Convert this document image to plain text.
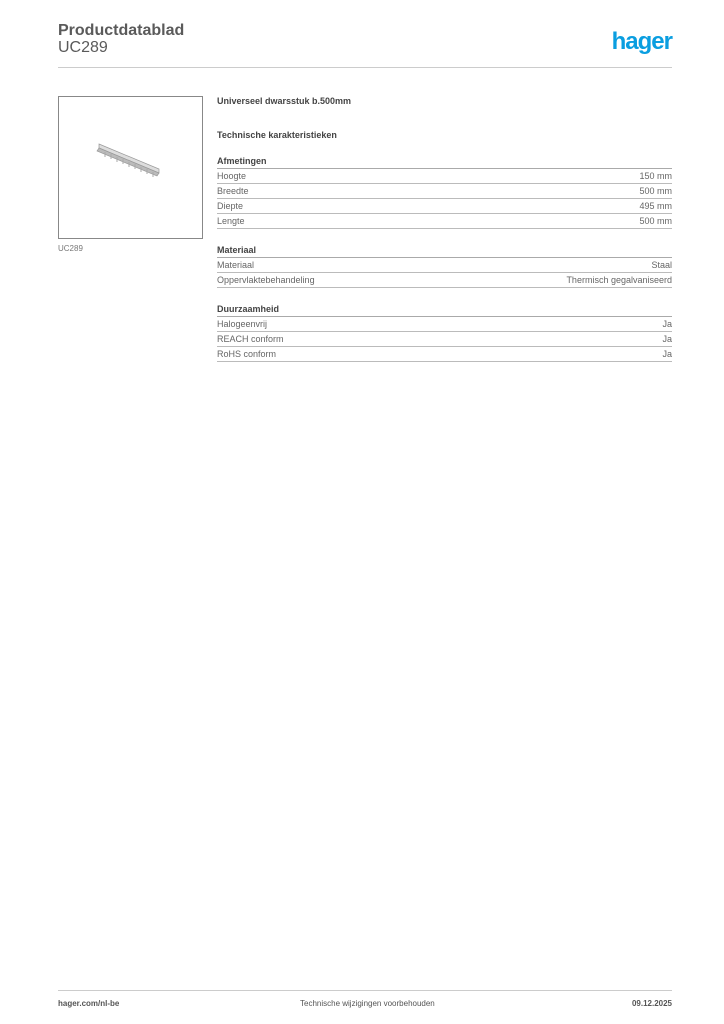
Productdatablad
UC289	hager
UC289
Universeel dwarsstuk b.500mm
Technische karakteristieken
Afmetingen
Hoogte	150 mm
Breedte	500 mm
Diepte	495 mm
Lengte	500 mm
Materiaal
Materiaal	Staal
Oppervlaktebehandeling	Thermisch gegalvaniseerd
Duurzaamheid
Halogeenvrij	Ja
REACH conform	Ja
RoHS conform	Ja
hager.com/nl-be	Technische wijzigingen voorbehouden	09.12.2025
